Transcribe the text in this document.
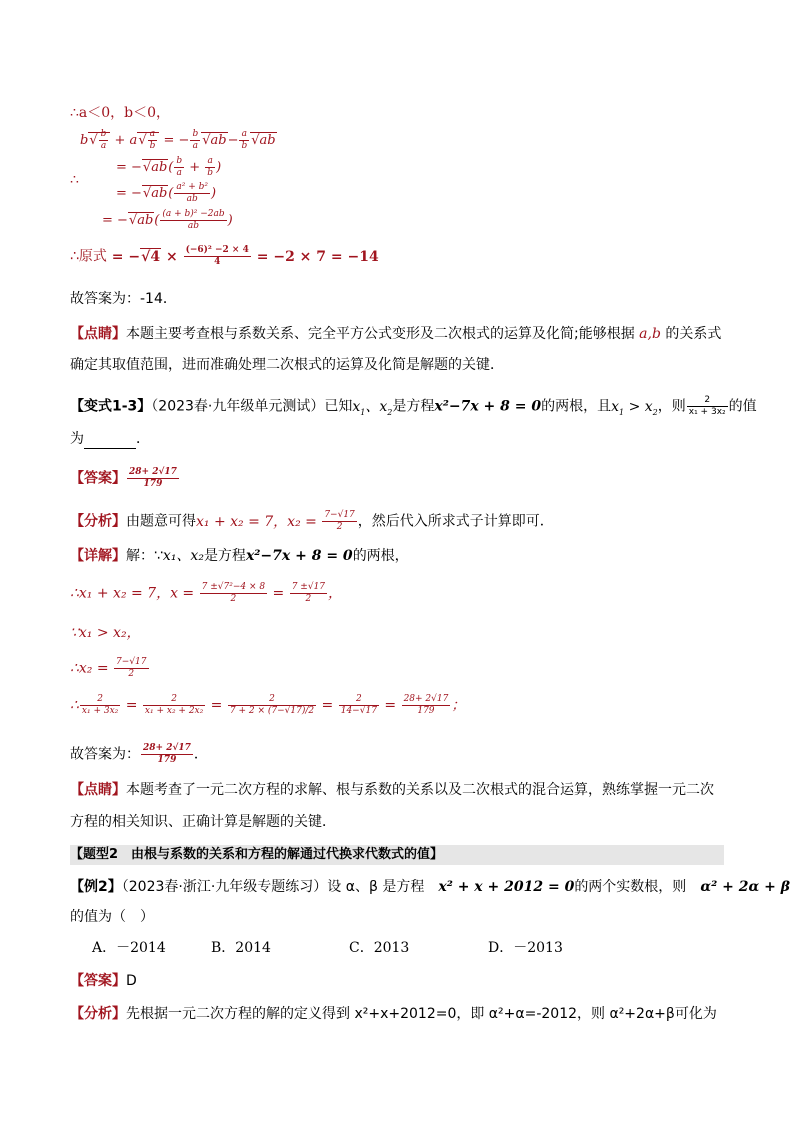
∴a＜0，b＜0，
$b√ \frac{b}{a} + a√ \frac{a}{b}$ = − $\frac{b}{a} √ab- \frac{a}{b} √ab$
= $-√ab( \frac{b}{a} + \frac{a}{b}$ )
∴
= $-√ab( \frac{\text{a² + b²}}{ab}$ )
= $-√ab( \frac{\text{(a + b)² −2ab}}{ab}$ )
∴原式 = $-√4 \times \frac{\text{(−6)² −2 × 4}}{4} = -2 \times 7 = -14$
故答案为：-14．
【点睛】本题主要考查根与系数关系、完全平方公式变形及二次根式的运算及化简;能够根据 a,b 的关系式
确定其取值范围，进而准确处理二次根式的运算及化简是解题的关键．
【变式1-3】（2023春·九年级单元测试）已知$x_1$、$x_2$是方程x²−7x + 8 = 0的两根，且$x_1 > x_2$，则 $\frac{2}{\text{x₁ + 3x₂}}$ 的值
为	．
【答案】 $\frac{28+ 2√17}{179}$
【分析】由题意可得x₁ + x₂ = 7，$x_2 = \frac{7-√17}{2}$ ，然后代入所求式子计算即可．
【详解】解：∵x₁、x₂是方程x²−7x + 8 = 0的两根，
∴x₁ + x₂ = 7，$x = \frac{\text{7 ±√7²−4 × 8}}{2} = \frac{7 \pm√17}{2}$ ，
∵x₁ > x₂，
∴x₂ = $\frac{7-√17}{2}$
∴ $\frac{2}{\text{x₁ + 3x₂}} = \frac{2}{\text{x₁ + x₂ + 2x₂}} = \frac{2}{7 + 2 \times (7-√17)/2} = \frac{2}{14-√17} = \frac{28+ 2√17}{179}$ ；
故答案为： $\frac{28+ 2√17}{179}$ ．
【点睛】本题考查了一元二次方程的求解、根与系数的关系以及二次根式的混合运算，熟练掌握一元二次
方程的相关知识、正确计算是解题的关键．
【题型2　由根与系数的关系和方程的解通过代换求代数式的值】
【例2】（2023春·浙江·九年级专题练习）设 α、β 是方程　 x² + x + 2012 = 0的两个实数根，则　 α² + 2α + β
的值为（　）
A．－2014	B．2014	C．2013	D．－2013
【答案】D
【分析】先根据一元二次方程的解的定义得到 x²+x+2012=0，即 α²+α=-2012，则 α²+2α+β可化为
